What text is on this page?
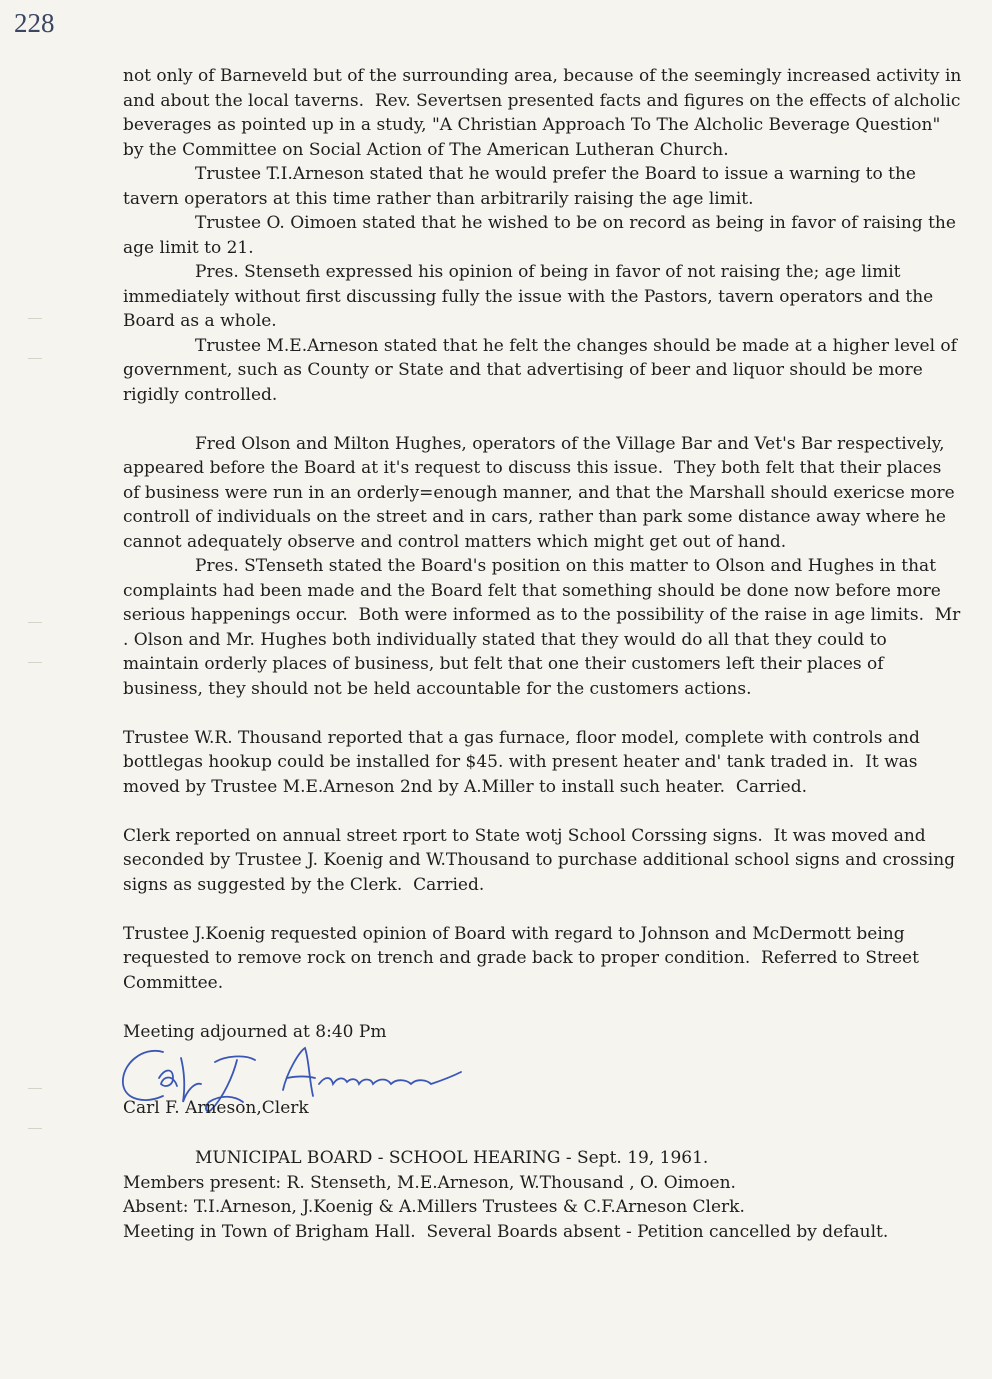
228

not only of Barneveld but of the surrounding area, because of the seemingly increased activity in and about the local taverns.  Rev. Severtsen presented facts and figures on the effects of alcholic beverages as pointed up in a study, "A Christian Approach To The Alcholic Beverage Question" by the Committee on Social Action of The American Lutheran Church.

Trustee T.I.Arneson stated that he would prefer the Board to issue a warning to the tavern operators at this time rather than arbitrarily raising the age limit.

Trustee O. Oimoen stated that he wished to be on record as being in favor of raising the age limit to 21.

Pres. Stenseth expressed his opinion of being in favor of not raising the; age limit immediately without first discussing fully the issue with the Pastors, tavern operators and the Board as a whole.

Trustee M.E.Arneson stated that he felt the changes should be made at a higher level of government, such as County or State and that advertising of beer and liquor should be more rigidly controlled.

Fred Olson and Milton Hughes, operators of the Village Bar and Vet's Bar respectively, appeared before the Board at it's request to discuss this issue.  They both felt that their places of business were run in an orderly=enough manner, and that the Marshall should exericse more controll of individuals on the street and in cars, rather than park some distance away where he cannot adequately observe and control matters which might get out of hand.

Pres. STenseth stated the Board's position on this matter to Olson and Hughes in that complaints had been made and the Board felt that something should be done now before more serious happenings occur.  Both were informed as to the possibility of the raise in age limits.  Mr . Olson and Mr. Hughes both individually stated that they would do all that they could to maintain orderly places of business, but felt that one their customers left their places of business, they should not be held accountable for the customers actions.

Trustee W.R. Thousand reported that a gas furnace, floor model, complete with controls and bottlegas hookup could be installed for $45. with present heater and' tank traded in.  It was moved by Trustee M.E.Arneson 2nd by A.Miller to install such heater.  Carried.

Clerk reported on annual street rport to State wotj School Corssing signs.  It was moved and seconded by Trustee J. Koenig and W.Thousand to purchase additional school signs and crossing signs as suggested by the Clerk.  Carried.

Trustee J.Koenig requested opinion of Board with regard to Johnson and McDermott being requested to remove rock on trench and grade back to proper condition.  Referred to Street Committee.

Meeting adjourned at 8:40 Pm

Carl F. Arneson,Clerk

MUNICIPAL BOARD - SCHOOL HEARING - Sept. 19, 1961.

Members present: R. Stenseth, M.E.Arneson, W.Thousand , O. Oimoen.

Absent: T.I.Arneson, J.Koenig & A.Millers Trustees & C.F.Arneson Clerk.

Meeting in Town of Brigham Hall.  Several Boards absent - Petition cancelled by default.
